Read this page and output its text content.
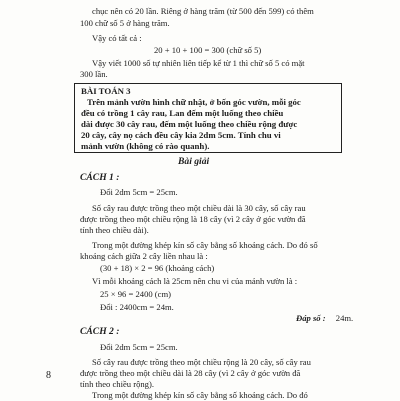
chục nên có 20 lần. Riêng ở hàng trăm (từ 500 đến 599) có thêm
100 chữ số 5 ở hàng trăm.
Vậy có tất cả :
20 + 10 + 100 = 300 (chữ số 5)
Vậy viết 1000 số tự nhiên liên tiếp kể từ 1 thì chữ số 5 có mặt
300 lần.
BÀI TOÁN 3
Trên mảnh vườn hình chữ nhật, ở bốn góc vườn, mỗi góc
đều có trồng 1 cây rau, Lan đếm một luống theo chiều
dài được 30 cây rau, đếm một luống theo chiều rộng được
20 cây, cây nọ cách đều cây kia 2dm 5cm. Tính chu vi
mảnh vườn (không có rào quanh).
Bài giải
CÁCH 1 :
Đổi 2dm 5cm = 25cm.
Số cây rau được trồng theo một chiều dài là 30 cây, số cây rau
được trồng theo một chiều rộng là 18 cây (vì 2 cây ở góc vườn đã
tính theo chiều dài).
Trong một đường khép kín số cây bằng số khoảng cách. Do đó số
khoảng cách giữa 2 cây liền nhau là :
(30 + 18) × 2 = 96 (khoảng cách)
Vì mỗi khoảng cách là 25cm nên chu vi của mảnh vườn là :
25 × 96 = 2400 (cm)
Đổi : 2400cm = 24m.
Đáp số : 24m.
CÁCH 2 :
Đổi 2dm 5cm = 25cm.
Số cây rau được trồng theo một chiều rộng là 20 cây, số cây rau
được trồng theo một chiều dài là 28 cây (vì 2 cây ở góc vườn đã
tính theo chiều rộng).
Trong một đường khép kín số cây bằng số khoảng cách. Do đó
8
